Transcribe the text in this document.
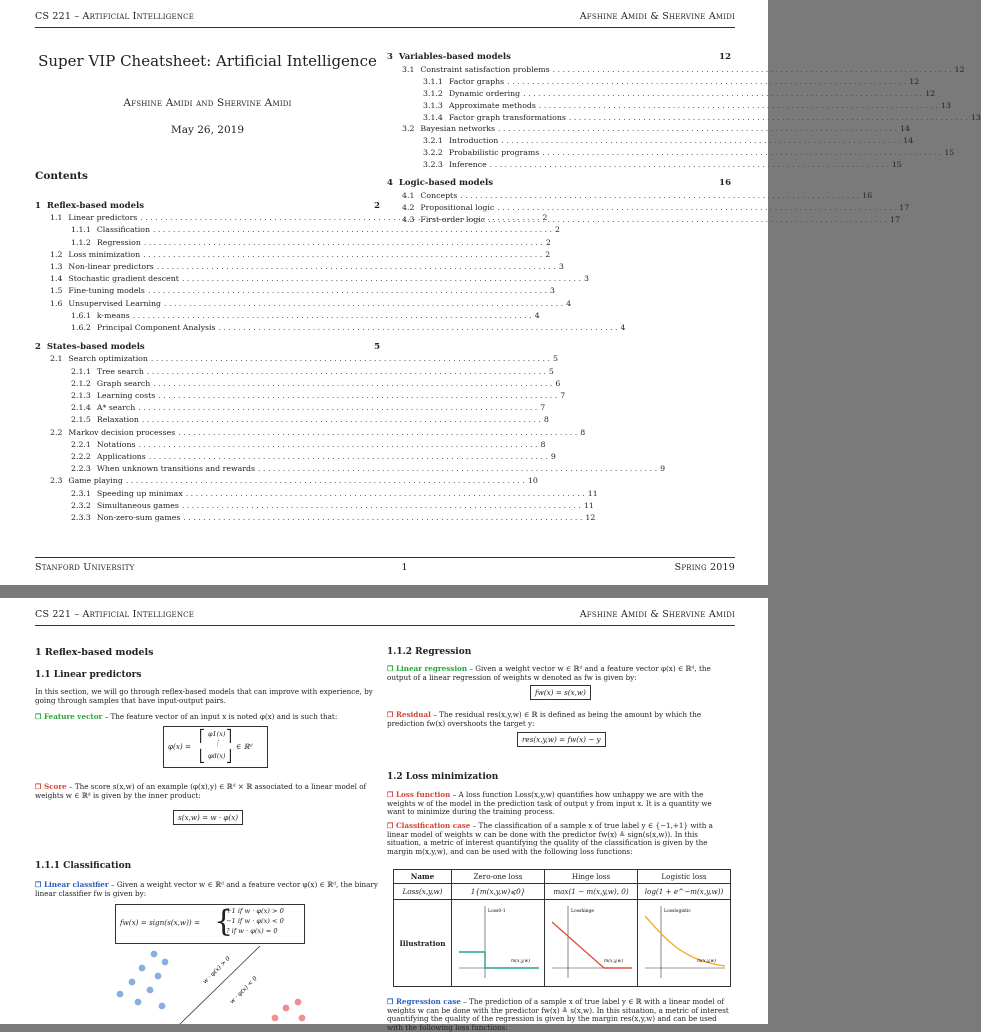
CS 221 – Artificial Intelligence	Afshine Amidi & Shervine Amidi
Super VIP Cheatsheet: Artificial Intelligence
Afshine Amidi and Shervine Amidi
May 26, 2019
Contents
1 Reflex-based models	2
1.1 Linear predictors . . .	2
1.1.1 Classification . . .	2
1.1.2 Regression . . .	2
1.2 Loss minimization . . .	2
1.3 Non-linear predictors . . .	3
1.4 Stochastic gradient descent . . .	3
1.5 Fine-tuning models . . .	3
1.6 Unsupervised Learning . . .	4
1.6.1 k-means . . .	4
1.6.2 Principal Component Analysis . . .	4
2 States-based models	5
2.1 Search optimization . . .	5
2.1.1 Tree search . . .	5
2.1.2 Graph search . . .	6
2.1.3 Learning costs . . .	7
2.1.4 A* search . . .	7
2.1.5 Relaxation . . .	8
2.2 Markov decision processes . . .	8
2.2.1 Notations . . .	8
2.2.2 Applications . . .	9
2.2.3 When unknown transitions and rewards . . .	9
2.3 Game playing . . .	10
2.3.1 Speeding up minimax . . .	11
2.3.2 Simultaneous games . . .	11
2.3.3 Non-zero-sum games . . .	12
3 Variables-based models	12
3.1 Constraint satisfaction problems . . .	12
3.1.1 Factor graphs . . .	12
3.1.2 Dynamic ordering . . .	12
3.1.3 Approximate methods . . .	13
3.1.4 Factor graph transformations . . .	13
3.2 Bayesian networks . . .	14
3.2.1 Introduction . . .	14
3.2.2 Probabilistic programs . . .	15
3.2.3 Inference . . .	15
4 Logic-based models	16
4.1 Concepts . . .	16
4.2 Propositional logic . . .	17
4.3 First-order logic . . .	17
Stanford University	1	Spring 2019
CS 221 – Artificial Intelligence	Afshine Amidi & Shervine Amidi
1 Reflex-based models
1.1 Linear predictors
In this section, we will go through reflex-based models that can improve with experience, by going through samples that have input-output pairs.
❐ Feature vector – The feature vector of an input x is noted φ(x) and is such that:
φ(x) =
⎡
⎣
φ1(x)
⋮
φd(x)
⎤
⎦
∈ ℝᵈ
❐ Score – The score s(x,w) of an example (φ(x),y) ∈ ℝᵈ × ℝ associated to a linear model of weights w ∈ ℝᵈ is given by the inner product:
s(x,w) = w · φ(x)
1.1.1 Classification
❐ Linear classifier – Given a weight vector w ∈ ℝᵈ and a feature vector φ(x) ∈ ℝᵈ, the binary linear classifier fw is given by:
fw(x) = sign(s(x,w)) = {
+1 if w · φ(x) > 0
−1 if w · φ(x) < 0
? if w · φ(x) = 0
w · φ(x) > 0
w · φ(x) < 0
1.1.2 Regression
❐ Linear regression – Given a weight vector w ∈ ℝᵈ and a feature vector φ(x) ∈ ℝᵈ, the output of a linear regression of weights w denoted as fw is given by:
fw(x) = s(x,w)
❐ Residual – The residual res(x,y,w) ∈ ℝ is defined as being the amount by which the prediction fw(x) overshoots the target y:
res(x,y,w) = fw(x) − y
1.2 Loss minimization
❐ Loss function – A loss function Loss(x,y,w) quantifies how unhappy we are with the weights w of the model in the prediction task of output y from input x. It is a quantity we want to minimize during the training process.
❐ Classification case – The classification of a sample x of true label y ∈ {−1,+1} with a linear model of weights w can be done with the predictor fw(x) ≜ sign(s(x,w)). In this situation, a metric of interest quantifying the quality of the classification is given by the margin m(x,y,w), and can be used with the following loss functions:
Name	Zero-one loss	Hinge loss	Logistic loss
Loss(x,y,w)	1{m(x,y,w)⩽0}	max(1 − m(x,y,w), 0)	log(1 + e^−m(x,y,w))
Illustration	Loss0-1
m(x,y,w)	Losshinge
m(x,y,w)	Losslogistic
m(x,y,w)
❐ Regression case – The prediction of a sample x of true label y ∈ ℝ with a linear model of weights w can be done with the predictor fw(x) ≜ s(x,w). In this situation, a metric of interest quantifying the quality of the regression is given by the margin res(x,y,w) and can be used with the following loss functions:
